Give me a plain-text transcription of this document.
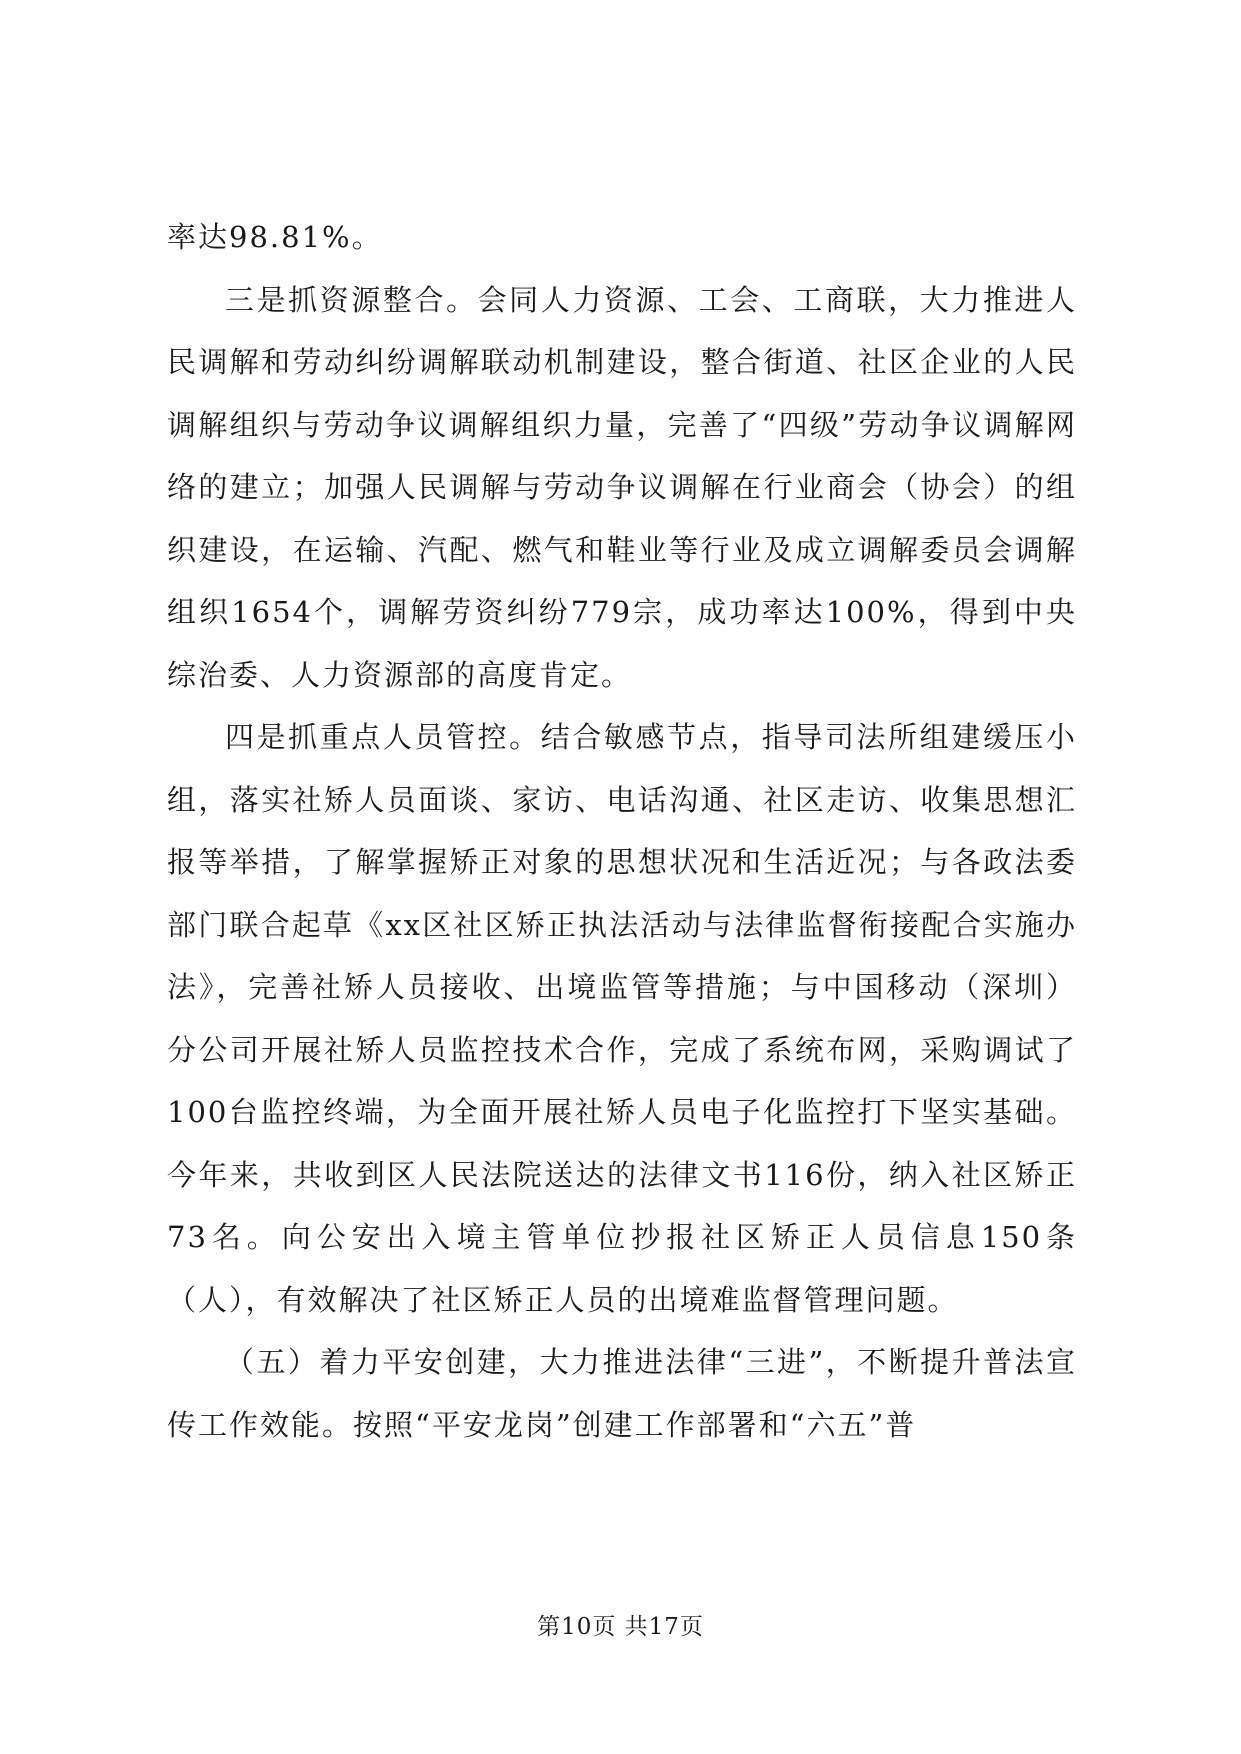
率达98.81%。

三是抓资源整合。会同人力资源、工会、工商联，大力推进人民调解和劳动纠纷调解联动机制建设，整合街道、社区企业的人民调解组织与劳动争议调解组织力量，完善了“四级”劳动争议调解网络的建立；加强人民调解与劳动争议调解在行业商会（协会）的组织建设，在运输、汽配、燃气和鞋业等行业及成立调解委员会调解组织1654个，调解劳资纠纷779宗，成功率达100%，得到中央综治委、人力资源部的高度肯定。

四是抓重点人员管控。结合敏感节点，指导司法所组建缓压小组，落实社矫人员面谈、家访、电话沟通、社区走访、收集思想汇报等举措，了解掌握矫正对象的思想状况和生活近况；与各政法委部门联合起草《xx区社区矫正执法活动与法律监督衔接配合实施办法》，完善社矫人员接收、出境监管等措施；与中国移动（深圳）分公司开展社矫人员监控技术合作，完成了系统布网，采购调试了100台监控终端，为全面开展社矫人员电子化监控打下坚实基础。今年来，共收到区人民法院送达的法律文书116份，纳入社区矫正73名。向公安出入境主管单位抄报社区矫正人员信息150条（人），有效解决了社区矫正人员的出境难监督管理问题。

（五）着力平安创建，大力推进法律“三进”，不断提升普法宣传工作效能。按照“平安龙岗”创建工作部署和“六五”普

第10页 共17页
